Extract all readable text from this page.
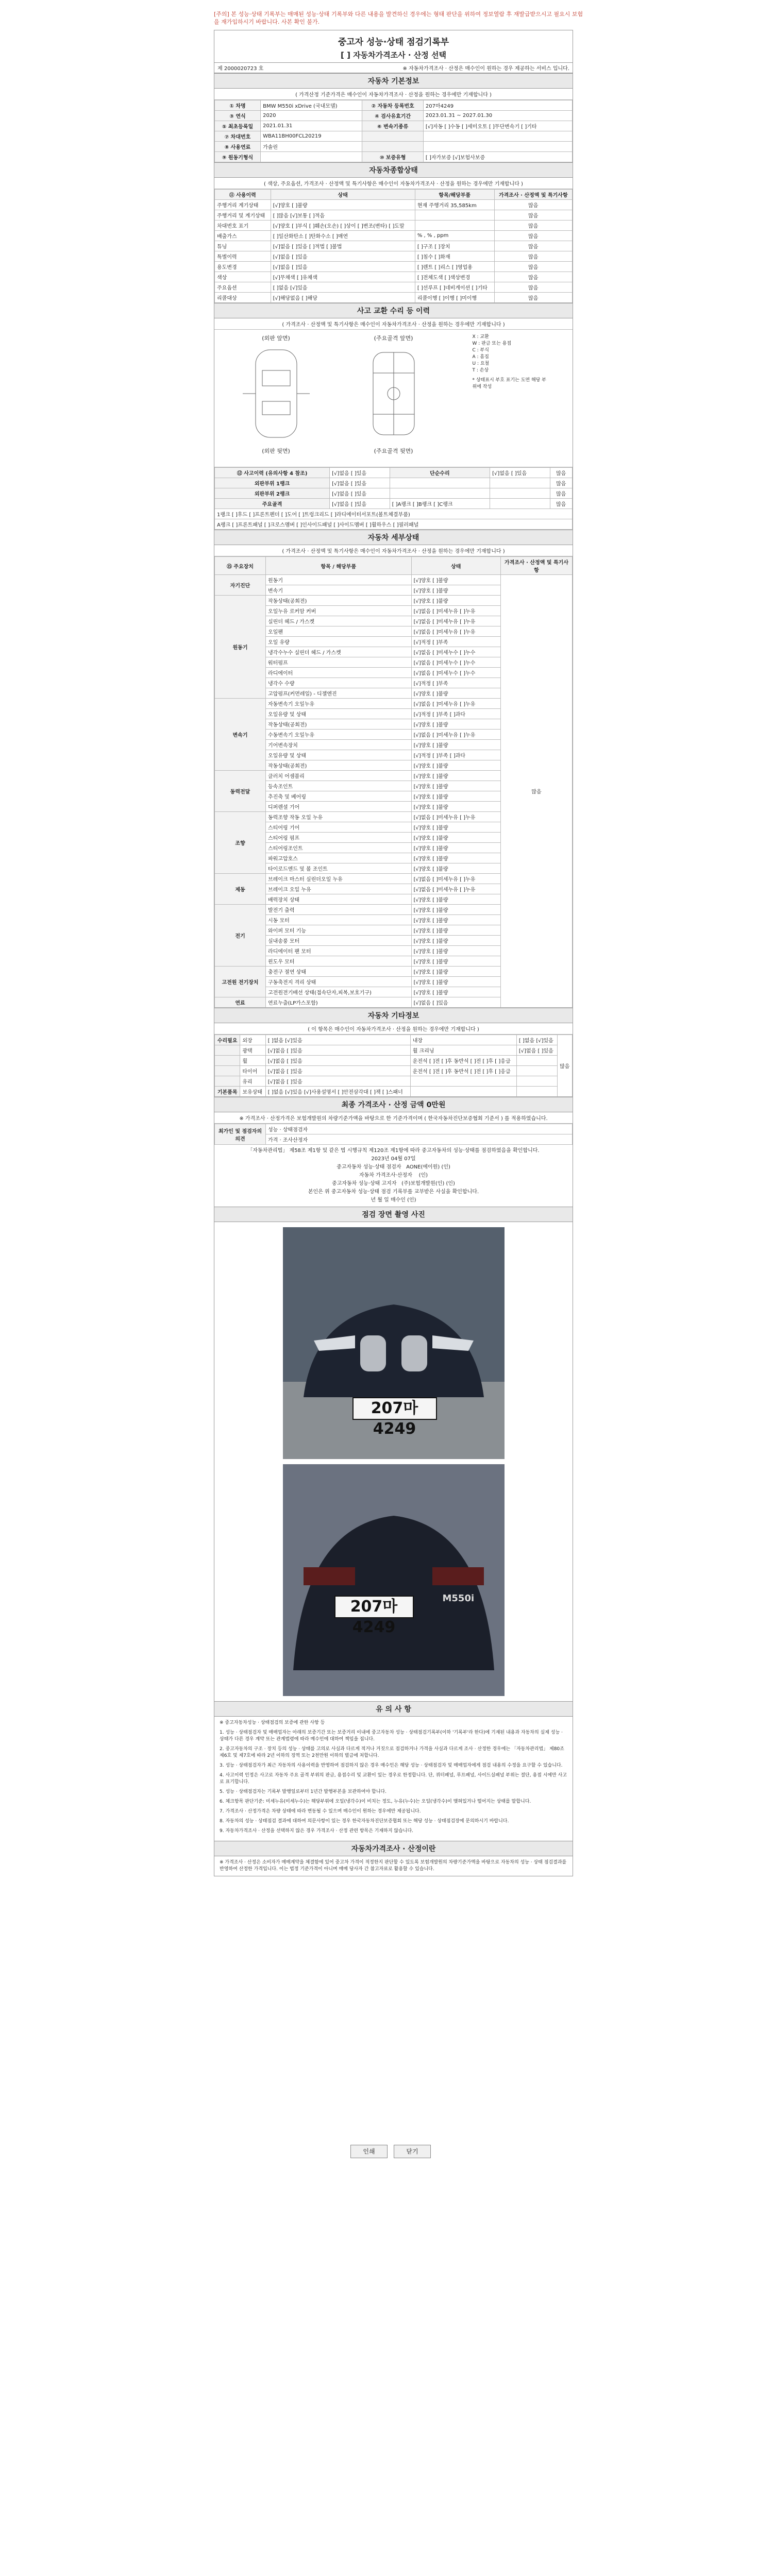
[주의] 본 성능·상태 기록부는 매매된 성능·상태 기록부와 다른 내용을 발견하신 경우에는 형태 판단을 위하여 정보열람 후 재발급받으시고 필요시 보험을 재가입하시기 바랍니다. 사본 확인 불가.
중고자 성능·상태 점검기록부
[ ] 자동차가격조사 · 산정 선택
제 2000020723 호	※ 자동차가격조사 · 산정은 매수인이 원하는 경우 제공하는 서비스 입니다.
자동차 기본정보
( 가격산정 기준가격은 매수인이 자동차가격조사 · 산정을 원하는 경우에만 기재합니다 )
① 차명	BMW M550i xDrive (국내모델)	② 자동차 등록번호	207마4249
③ 연식	2020	④ 검사유효기간	2023.01.31 ~ 2027.01.30
⑤ 최초등록일	2021.01.31	⑥ 변속기종류	[√]자동 [ ]수동 [ ]세미오토 [ ]무단변속기 [ ]기타
⑦ 차대번호	WBA11BH00FCL20219		
⑧ 사용연료	가솔린		
⑨ 원동기형식		⑩ 보증유형	[ ]자가보증 [√]보험사보증
자동차종합상태
( 색상, 주요옵션, 가격조사 · 산정액 및 특기사항은 매수인이 자동차가격조사 · 산정을 원하는 경우에만 기재합니다 )
⑪ 사용이력	상태	항목/해당부품	가격조사 · 산정액 및 특기사항
주행거리 계기상태	[√]양호 [ ]불량	현재 주행거리 35,585km	많음
주행거리 및 계기상태	[ ]많음 [√]보통 [ ]적음		많음
차대번호 표기	[√]양호 [ ]부식 [ ]훼손(오손) [ ]상이 [ ]변조(변타) [ ]도말		많음
배출가스	[ ]일산화탄소 [ ]탄화수소 [ ]매연	% , % , ppm	많음
튜닝	[√]없음 [ ]있음 [ ]적법 [ ]불법	[ ]구조 [ ]장치	많음
특별이력	[√]없음 [ ]있음	[ ]침수 [ ]화재	많음
용도변경	[√]없음 [ ]있음	[ ]렌트 [ ]리스 [ ]영업용	많음
색상	[√]무채색 [ ]유채색	[ ]전체도색 [ ]색상변경	많음
주요옵션	[ ]없음 [√]있음	[ ]선루프 [ ]네비게이션 [ ]기타	많음
리콜대상	[√]해당없음 [ ]해당	리콜이행 [ ]이행 [ ]미이행	많음
사고 교환 수리 등 이력
( 가격조사 · 산정액 및 특기사항은 매수인이 자동차가격조사 · 산정을 원하는 경우에만 기재합니다 )
(외판 앞면)
(외판 뒷면)
(주요골격 앞면)
(주요골격 뒷면)
X : 교환
W : 판금 또는 용접
C : 부식
A : 흠집
U : 요철
T : 손상
* 상태표시 부호 표기는 도면 해당 부위에 작성
⑫ 사고이력 (유의사항 4 참조)	[√]없음 [ ]있음	단순수리	[√]없음 [ ]있음	많음
외판부위 1랭크	[√]없음 [ ]있음			많음
외판부위 2랭크	[√]없음 [ ]있음			많음
주요골격	[√]없음 [ ]있음	[ ]A랭크 [ ]B랭크 [ ]C랭크		많음
1랭크 [ ]후드 [ ]프론트펜더 [ ]도어 [ ]트렁크리드 [ ]라디에이터서포트(볼트체결부품)				
A랭크 [ ]프론트패널 [ ]크로스멤버 [ ]인사이드패널 [ ]사이드멤버 [ ]휠하우스 [ ]필러패널				
자동차 세부상태
( 가격조사 · 산정액 및 특기사항은 매수인이 자동차가격조사 · 산정을 원하는 경우에만 기재합니다 )
⑮ 주요장치	항목 / 해당부품	상태	가격조사 · 산정액 및 특기사항
자기진단	원동기	[√]양호 [ ]불량	많음
	변속기	[√]양호 [ ]불량	
원동기	작동상태(공회전)	[√]양호 [ ]불량	
	오일누유 로커암 커버	[√]없음 [ ]미세누유 [ ]누유	
	실린더 헤드 / 가스켓	[√]없음 [ ]미세누유 [ ]누유	
	오일팬	[√]없음 [ ]미세누유 [ ]누유	
	오일 유량	[√]적정 [ ]부족	
	냉각수누수 실린더 헤드 / 가스켓	[√]없음 [ ]미세누수 [ ]누수	
	워터펌프	[√]없음 [ ]미세누수 [ ]누수	
	라디에이터	[√]없음 [ ]미세누수 [ ]누수	
	냉각수 수량	[√]적정 [ ]부족	
	고압펌프(커먼레일) - 디젤엔진	[√]양호 [ ]불량	
변속기	자동변속기 오일누유	[√]없음 [ ]미세누유 [ ]누유	
	오일유량 및 상태	[√]적정 [ ]부족 [ ]과다	
	작동상태(공회전)	[√]양호 [ ]불량	
	수동변속기 오일누유	[√]없음 [ ]미세누유 [ ]누유	
	기어변속장치	[√]양호 [ ]불량	
	오일유량 및 상태	[√]적정 [ ]부족 [ ]과다	
	작동상태(공회전)	[√]양호 [ ]불량	
동력전달	클러치 어셈블리	[√]양호 [ ]불량	
	등속조인트	[√]양호 [ ]불량	
	추진축 및 베어링	[√]양호 [ ]불량	
	디퍼렌셜 기어	[√]양호 [ ]불량	
조향	동력조향 작동 오일 누유	[√]없음 [ ]미세누유 [ ]누유	
	스티어링 기어	[√]양호 [ ]불량	
	스티어링 펌프	[√]양호 [ ]불량	
	스티어링조인트	[√]양호 [ ]불량	
	파워고압호스	[√]양호 [ ]불량	
	타이로드엔드 및 볼 조인트	[√]양호 [ ]불량	
제동	브레이크 마스터 실린더오일 누유	[√]없음 [ ]미세누유 [ ]누유	
	브레이크 오일 누유	[√]없음 [ ]미세누유 [ ]누유	
	배력장치 상태	[√]양호 [ ]불량	
전기	발전기 출력	[√]양호 [ ]불량	
	시동 모터	[√]양호 [ ]불량	
	와이퍼 모터 기능	[√]양호 [ ]불량	
	실내송풍 모터	[√]양호 [ ]불량	
	라디에이터 팬 모터	[√]양호 [ ]불량	
	윈도우 모터	[√]양호 [ ]불량	
고전원 전기장치	충전구 절연 상태	[√]양호 [ ]불량	
	구동축전지 격리 상태	[√]양호 [ ]불량	
	고전원전기배선 상태(접속단자,피복,보호기구)	[√]양호 [ ]불량	
연료	연료누출(LP가스포함)	[√]없음 [ ]있음	
자동차 기타정보
( 이 항목은 매수인이 자동차가격조사 · 산정을 원하는 경우에만 기재합니다 )
수리필요	외장	[ ]없음 [√]있음	내장	[ ]없음 [√]있음	많음
	광택	[√]없음 [ ]있음	휠 크리닝	[√]없음 [ ]있음	
	휠	[√]없음 [ ]있음	운전석 [ ]전 [ ]후 동반석 [ ]전 [ ]후 [ ]응급		
	타이어	[√]없음 [ ]있음	운전석 [ ]전 [ ]후 동반석 [ ]전 [ ]후 [ ]응급		
	유리	[√]없음 [ ]있음			
기본품목	보유상태	[ ]없음 [√]있음 [√]사용설명서 [ ]안전삼각대 [ ]잭 [ ]스패너			
최종 가격조사 · 산정 금액 0만원
※ 가격조사 · 산정가격은 보험개발원의 차량기준가액을 바탕으로 한 기준가격이며 ( 한국자동차진단보증협회 기준서 ) 를 적용하였습니다.
최가인 및 점검자의 의견	성능 · 상태점검자
가격 · 조사산정자
「자동차관리법」 제58조 제1항 및 같은 법 시행규칙 제120조 제1항에 따라 중고자동차의 성능·상태를 점검하였음을 확인합니다.
2023년 04월 07일
중고자동차 성능·상태 점검자 AONE(에이원) (인)
자동차 가격조사·산정자 (인)
중고자동차 성능·상태 고지자 (주)보험개발원(인) (인)
본인은 위 중고자동차 성능·상태 점검 기록부를 교부받은 사실을 확인합니다.
년 월 일 매수인 (인)
점검 장면 촬영 사진
207마 4249
M550i
207마 4249
유 의 사 항

※ 중고자동차성능 · 상태점검의 보증에 관한 사항 등

1. 성능 · 상태점검자 및 매매업자는 아래의 보증기간 또는 보증거리 이내에 중고자동차 성능 · 상태점검기록부(이하 '기록부'라 한다)에 기재된 내용과 자동차의 실제 성능 · 상태가 다른 경우 계약 또는 관계법령에 따라 매수인에 대하여 책임을 집니다.

2. 중고자동차의 구조 · 장치 등의 성능 · 상태를 고의로 사실과 다르게 적거나 거짓으로 점검하거나 가격을 사실과 다르게 조사 · 산정한 경우에는 「자동차관리법」 제80조제6호 및 제7호에 따라 2년 이하의 징역 또는 2천만원 이하의 벌금에 처합니다.

3. 성능 · 상태점검자가 최근 자동차의 사용이력을 반영하여 점검하지 않은 경우 매수인은 해당 성능 · 상태점검자 및 매매업자에게 점검 내용의 수정을 요구할 수 있습니다.

4. 사고이력 인정은 사고로 자동차 주요 골격 부위의 판금, 용접수리 및 교환이 있는 경우로 한정합니다. 단, 쿼터패널, 루프패널, 사이드실패널 부위는 절단, 용접 시에만 사고로 표기합니다.

5. 성능 · 상태점검자는 기록부 발행일로부터 1년간 발행부본을 보관하여야 합니다.

6. 체크항목 판단기준: 미세누유(미세누수)는 해당부위에 오일(냉각수)이 비치는 정도, 누유(누수)는 오일(냉각수)이 맺혀있거나 떨어지는 상태를 말합니다.

7. 가격조사 · 산정가격은 차량 상태에 따라 변동될 수 있으며 매수인이 원하는 경우에만 제공됩니다.

8. 자동차의 성능 · 상태점검 결과에 대하여 의문사항이 있는 경우 한국자동차진단보증협회 또는 해당 성능 · 상태점검장에 문의하시기 바랍니다.

9. 자동차가격조사 · 산정을 선택하지 않은 경우 가격조사 · 산정 관련 항목은 기재하지 않습니다.

자동차가격조사 · 산정이란
※ 가격조사 · 산정은 소비자가 매매계약을 체결함에 있어 중고차 가격이 적정한지 판단할 수 있도록 보험개발원의 차량기준가액을 바탕으로 자동차의 성능 · 상태 점검결과를 반영하여 산정한 가격입니다. 이는 법정 기준가격이 아니며 매매 당사자 간 참고자료로 활용할 수 있습니다.
인쇄	닫기
